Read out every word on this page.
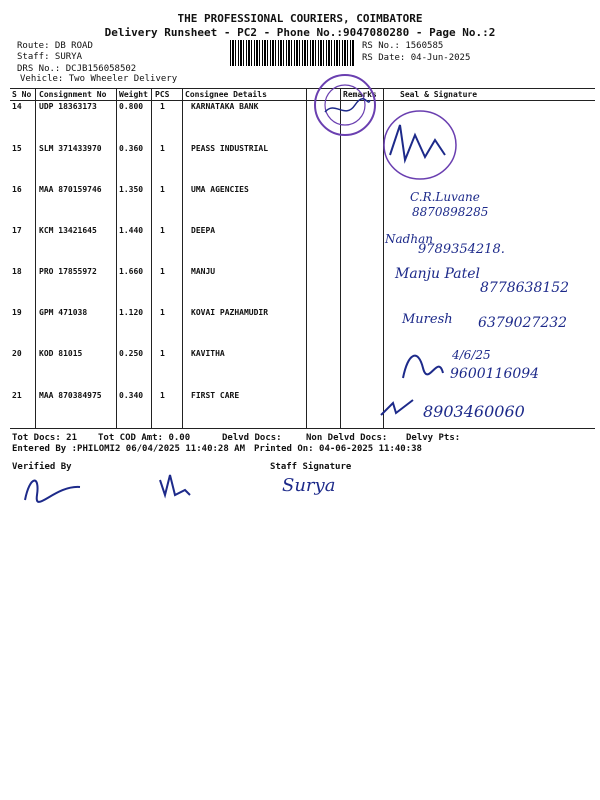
THE PROFESSIONAL COURIERS, COIMBATORE
Delivery Runsheet - PC2 - Phone No.:9047080280 - Page No.:2
Route: DB ROAD
Staff: SURYA
DRS No.: DCJB156058502
Vehicle: Two Wheeler Delivery
RS No.: 1560585
RS Date: 04-Jun-2025
S No Consignment No Weight PCS Consignee Details	Remarks	Seal & Signature
14 UDP 18363173	0.800 1	KARNATAKA BANK
15 SLM 371433970 0.360 1	PEASS INDUSTRIAL
16 MAA 870159746 1.350 1	UMA AGENCIES
17 KCM 13421645	1.440 1	DEEPA
18 PRO 17855972	1.660 1	MANJU
19 GPM 471038	1.120 1	KOVAI PAZHAMUDIR
20 KOD 81015	0.250 1	KAVITHA
21 MAA 870384975 0.340 1	FIRST CARE
C.R.Luvane
8870898285
Nadhan
9789354218.
Manju Patel
8778638152
Muresh 6379027232
4/6/25
9600116094
8903460060
Tot Docs: 21 Tot COD Amt: 0.00	Delvd Docs:	Non Delvd Docs: Delvy Pts:
Entered By :PHILOMI2 06/04/2025 11:40:28 AM Printed On: 04-06-2025 11:40:38
Verified By	Staff Signature
Surya
